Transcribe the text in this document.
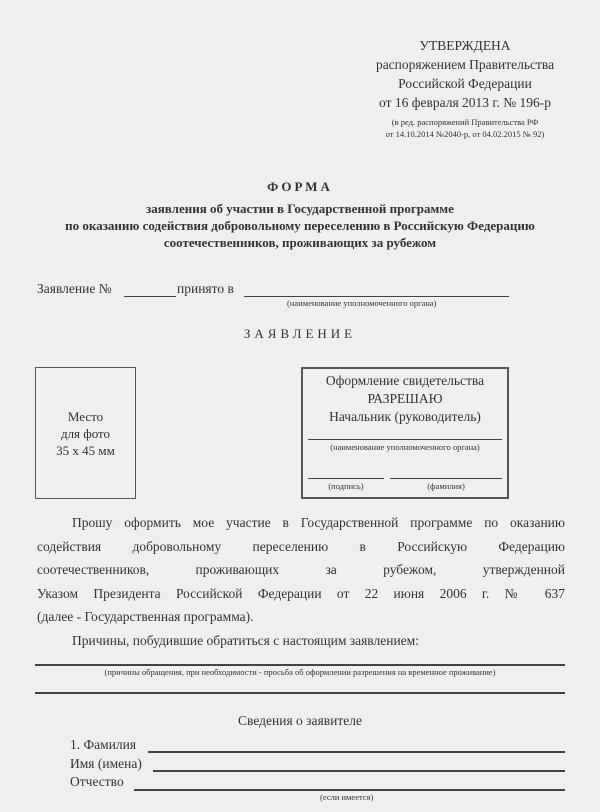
УТВЕРЖДЕНА
распоряжением Правительства
Российской Федерации
от 16 февраля 2013 г. № 196-р
(в ред. распоряжений Правительства РФ
от 14.10.2014 №2040-р, от 04.02.2015 № 92)
ФОРМА
заявления об участии в Государственной программе
по оказанию содействия добровольному переселению в Российскую Федерацию
соотечественников, проживающих за рубежом
Заявление №	принято в
(наименование уполномоченного органа)
ЗАЯВЛЕНИЕ
Место
для фото
35 х 45 мм
Оформление свидетельства
РАЗРЕШАЮ
Начальник (руководитель)
(наименование уполномоченного органа)
(подпись)	(фамилия)
Прошу оформить мое участие в Государственной программе по оказанию
содействия добровольному переселению в Российскую Федерацию
соотечественников, проживающих за рубежом, утвержденной
Указом Президента Российской Федерации от 22 июня 2006 г. № 637
(далее - Государственная программа).
Причины, побудившие обратиться с настоящим заявлением:
(причины обращения, при необходимости - просьба об оформлении разрешения на временное проживание)
Сведения о заявителе
1. Фамилия
Имя (имена)
Отчество
(если имеется)
